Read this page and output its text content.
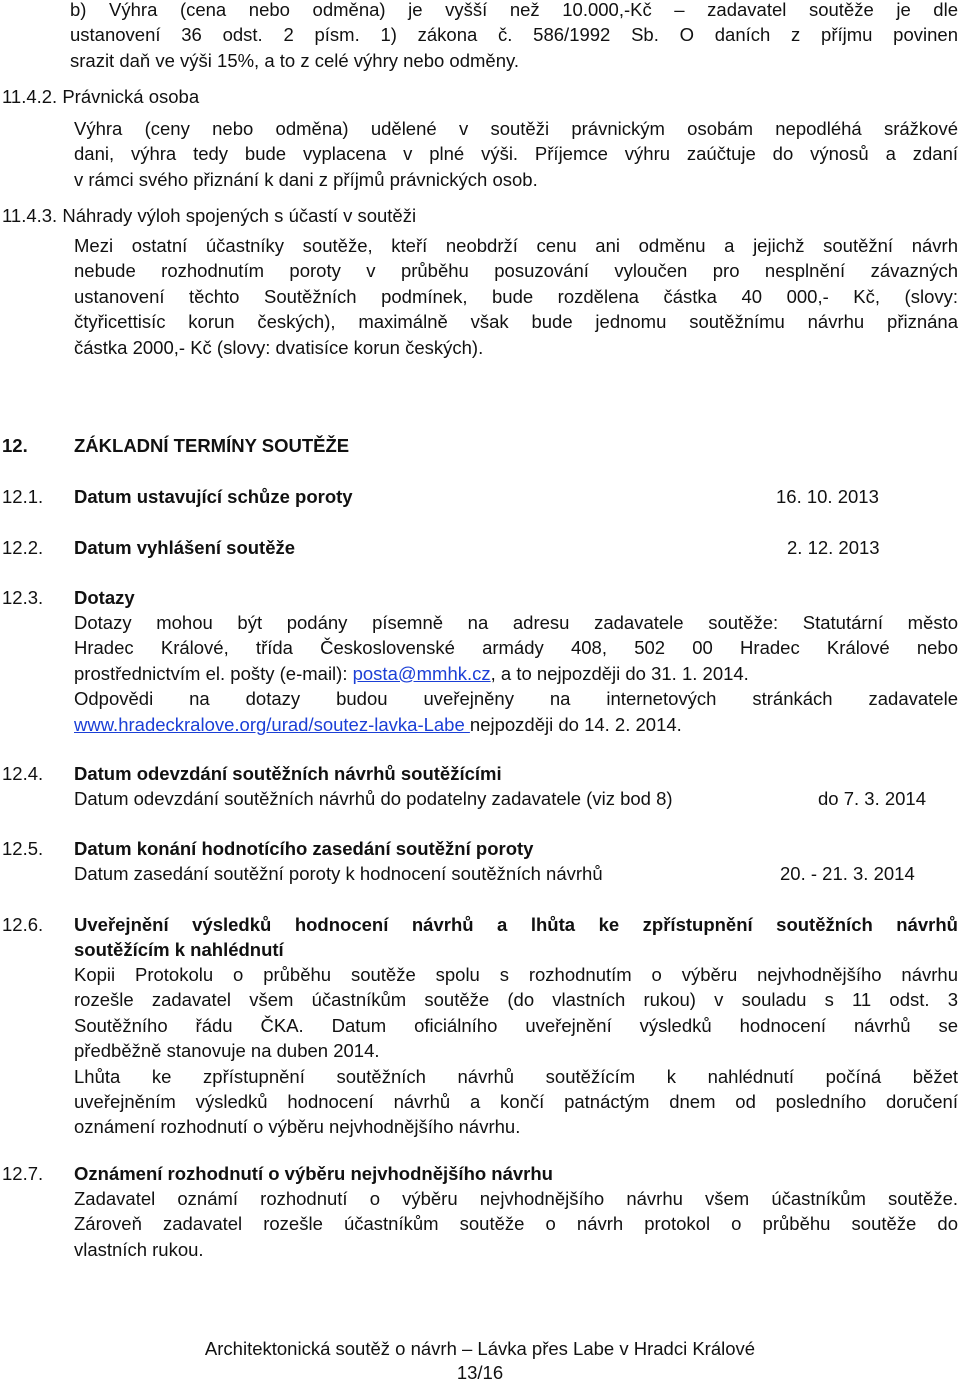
b) Výhra (cena nebo odměna) je vyšší než 10.000,-Kč – zadavatel soutěže je dle
ustanovení 36 odst. 2 písm. 1) zákona č. 586/1992 Sb. O daních z příjmu povinen
srazit daň ve výši 15%, a to z celé výhry nebo odměny.
11.4.2. Právnická osoba
Výhra (ceny nebo odměna) udělené v soutěži právnickým osobám nepodléhá srážkové
dani, výhra tedy bude vyplacena v plné výši. Příjemce výhru zaúčtuje do výnosů a zdaní
v rámci svého přiznání k dani z příjmů právnických osob.
11.4.3. Náhrady výloh spojených s účastí v soutěži
Mezi ostatní účastníky soutěže, kteří neobdrží cenu ani odměnu a jejichž soutěžní návrh
nebude rozhodnutím poroty v průběhu posuzování vyloučen pro nesplnění závazných
ustanovení těchto Soutěžních podmínek, bude rozdělena částka 40 000,- Kč, (slovy:
čtyřicettisíc korun českých), maximálně však bude jednomu soutěžnímu návrhu přiznána
částka 2000,- Kč (slovy: dvatisíce korun českých).
12.	ZÁKLADNÍ TERMÍNY SOUTĚŽE
12.1. Datum ustavující schůze poroty	16. 10. 2013
12.2. Datum vyhlášení soutěže	2. 12. 2013
12.3. Dotazy
Dotazy mohou být podány písemně na adresu zadavatele soutěže: Statutární město
Hradec Králové, třída Československé armády 408, 502 00 Hradec Králové nebo
prostřednictvím el. pošty (e-mail): posta@mmhk.cz, a to nejpozději do 31. 1. 2014.
Odpovědi na dotazy budou uveřejněny na internetových stránkách zadavatele
www.hradeckralove.org/urad/soutez-lavka-Labe nejpozději do 14. 2. 2014.
12.4. Datum odevzdání soutěžních návrhů soutěžícími
Datum odevzdání soutěžních návrhů do podatelny zadavatele (viz bod 8)	do 7. 3. 2014
12.5. Datum konání hodnotícího zasedání soutěžní poroty
Datum zasedání soutěžní poroty k hodnocení soutěžních návrhů	20. - 21. 3. 2014
12.6. Uveřejnění výsledků hodnocení návrhů a lhůta ke zpřístupnění soutěžních návrhů
soutěžícím k nahlédnutí
Kopii Protokolu o průběhu soutěže spolu s rozhodnutím o výběru nejvhodnějšího návrhu
rozešle zadavatel všem účastníkům soutěže (do vlastních rukou) v souladu s 11 odst. 3
Soutěžního řádu ČKA. Datum oficiálního uveřejnění výsledků hodnocení návrhů se
předběžně stanovuje na duben 2014.
Lhůta ke zpřístupnění soutěžních návrhů soutěžícím k nahlédnutí počíná běžet
uveřejněním výsledků hodnocení návrhů a končí patnáctým dnem od posledního doručení
oznámení rozhodnutí o výběru nejvhodnějšího návrhu.
12.7. Oznámení rozhodnutí o výběru nejvhodnějšího návrhu
Zadavatel oznámí rozhodnutí o výběru nejvhodnějšího návrhu všem účastníkům soutěže.
Zároveň zadavatel rozešle účastníkům soutěže o návrh protokol o průběhu soutěže do
vlastních rukou.
Architektonická soutěž o návrh – Lávka přes Labe v Hradci Králové
13/16
